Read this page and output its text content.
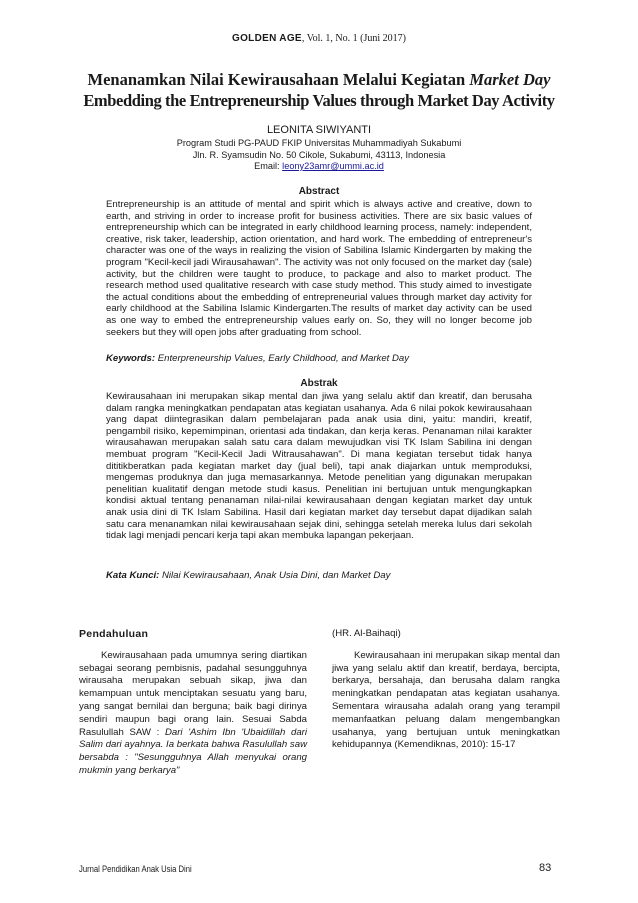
GOLDEN AGE, Vol. 1, No. 1 (Juni 2017)
Menanamkan Nilai Kewirausahaan Melalui Kegiatan Market Day
Embedding the Entrepreneurship Values through Market Day Activity
LEONITA SIWIYANTI
Program Studi PG-PAUD FKIP Universitas Muhammadiyah Sukabumi
Jln. R. Syamsudin No. 50 Cikole, Sukabumi, 43113, Indonesia
Email: leony23amr@ummi.ac.id
Abstract
Entrepreneurship is an attitude of mental and spirit which is always active and creative, down to earth, and striving in order to increase profit for business activities. There are six basic values of entrepreneurship which can be integrated in early childhood learning process, namely: independent, creative, risk taker, leadership, action orientation, and hard work. The embedding of entrepreneur's character was one of the ways in realizing the vision of Sabilina Islamic Kindergarten by making the program "Kecil-kecil jadi Wirausahawan". The activity was not only focused on the market day (sale) activity, but the children were taught to produce, to package and also to market product. The research method used qualitative research with case study method. This study aimed to investigate the actual conditions about the embedding of entrepreneurial values through market day activity for early childhood at the Sabilina Islamic Kindergarten.The results of market day activity can be used as one way to embed the entrepreneurship values early on. So, they will no longer become job seekers but they will open jobs after graduating from school.
Keywords: Enterpreneurship Values, Early Childhood, and Market Day
Abstrak
Kewirausahaan ini merupakan sikap mental dan jiwa yang selalu aktif dan kreatif, dan berusaha dalam rangka meningkatkan pendapatan atas kegiatan usahanya. Ada 6 nilai pokok kewirausahaan yang dapat diintegrasikan dalam pembelajaran pada anak usia dini, yaitu: mandiri, kreatif, pengambil risiko, kepemimpinan, orientasi ada tindakan, dan kerja keras. Penanaman nilai karakter wirausahawan merupakan salah satu cara dalam mewujudkan visi TK Islam Sabilina ini dengan membuat program "Kecil-Kecil Jadi Witrausahawan". Di mana kegiatan tersebut tidak hanya dititikberatkan pada kegiatan market day (jual beli), tapi anak diajarkan untuk memproduksi, mengemas produknya dan juga memasarkannya. Metode penelitian yang digunakan merupakan penelitian kualitatif dengan metode studi kasus. Penelitian ini bertujuan untuk mengungkapkan kondisi aktual tentang penanaman nilai-nilai kewirausahaan dengan kegiatan market day untuk anak usia dini di TK Islam Sabilina. Hasil dari kegiatan market day tersebut dapat dijadikan salah satu cara menanamkan nilai kewirausahaan sejak dini, sehingga setelah mereka lulus dari sekolah tidak lagi menjadi pencari kerja tapi akan membuka lapangan pekerjaan.
Kata Kunci: Nilai Kewirausahaan, Anak Usia Dini, dan Market Day
Pendahuluan

Kewirausahaan pada umumnya sering diartikan sebagai seorang pembisnis, padahal sesungguhnya wirausaha merupakan sebuah sikap, jiwa dan kemampuan untuk menciptakan sesuatu yang baru, yang sangat bernilai dan berguna; baik bagi dirinya sendiri maupun bagi orang lain. Sesuai Sabda Rasulullah SAW : Dari 'Ashim Ibn 'Ubaidillah dari Salim dari ayahnya. Ia berkata bahwa Rasulullah saw bersabda : "Sesungguhnya Allah menyukai orang mukmin yang berkarya"

(HR. Al-Baihaqi)

Kewirausahaan ini merupakan sikap mental dan jiwa yang selalu aktif dan kreatif, berdaya, bercipta, berkarya, bersahaja, dan berusaha dalam rangka meningkatkan pendapatan atas kegiatan usahanya. Sementara wirausaha adalah orang yang terampil memanfaatkan peluang dalam mengembangkan usahanya, yang bertujuan untuk meningkatkan kehidupannya (Kemendiknas, 2010): 15-17

Jurnal Pendidikan Anak Usia Dini	83
